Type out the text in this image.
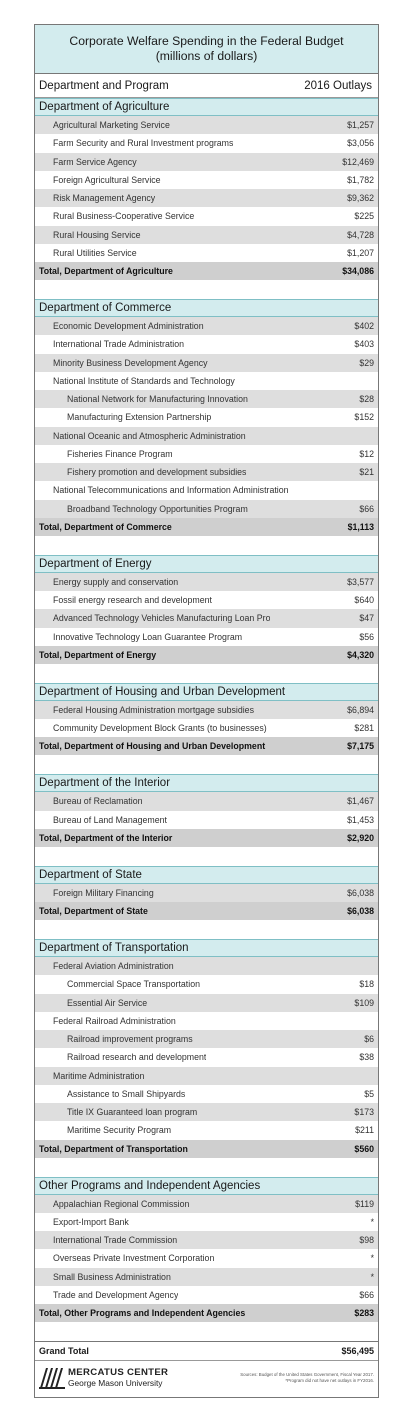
Corporate Welfare Spending in the Federal Budget
(millions of dollars)
Department and Program	2016 Outlays
Department of Agriculture
Agricultural Marketing Service	$1,257
Farm Security and Rural Investment programs	$3,056
Farm Service Agency	$12,469
Foreign Agricultural Service	$1,782
Risk Management Agency	$9,362
Rural Business-Cooperative Service	$225
Rural Housing Service	$4,728
Rural Utilities Service	$1,207
Total, Department of Agriculture	$34,086
Department of Commerce
Economic Development Administration	$402
International Trade Administration	$403
Minority Business Development Agency	$29
National Institute of Standards and Technology
National Network for Manufacturing Innovation	$28
Manufacturing Extension Partnership	$152
National Oceanic and Atmospheric Administration
Fisheries Finance Program	$12
Fishery promotion and development subsidies	$21
National Telecommunications and Information Administration
Broadband Technology Opportunities Program	$66
Total, Department of Commerce	$1,113
Department of Energy
Energy supply and conservation	$3,577
Fossil energy research and development	$640
Advanced Technology Vehicles Manufacturing Loan Pro	$47
Innovative Technology Loan Guarantee Program	$56
Total, Department of Energy	$4,320
Department of Housing and Urban Development
Federal Housing Administration mortgage subsidies	$6,894
Community Development Block Grants (to businesses)	$281
Total, Department of Housing and Urban Development	$7,175
Department of the Interior
Bureau of Reclamation	$1,467
Bureau of Land Management	$1,453
Total, Department of the Interior	$2,920
Department of State
Foreign Military Financing	$6,038
Total, Department of State	$6,038
Department of Transportation
Federal Aviation Administration
Commercial Space Transportation	$18
Essential Air Service	$109
Federal Railroad Administration
Railroad improvement programs	$6
Railroad research and development	$38
Maritime Administration
Assistance to Small Shipyards	$5
Title IX Guaranteed loan program	$173
Maritime Security Program	$211
Total, Department of Transportation	$560
Other Programs and Independent Agencies
Appalachian Regional Commission	$119
Export-Import Bank	*
International Trade Commission	$98
Overseas Private Investment Corporation	*
Small Business Administration	*
Trade and Development Agency	$66
Total, Other Programs and Independent Agencies	$283
Grand Total	$56,495
MERCATUS CENTER
George Mason University
Sources: Budget of the United States Government, Fiscal Year 2017.
*Program did not have net outlays in FY2016.
